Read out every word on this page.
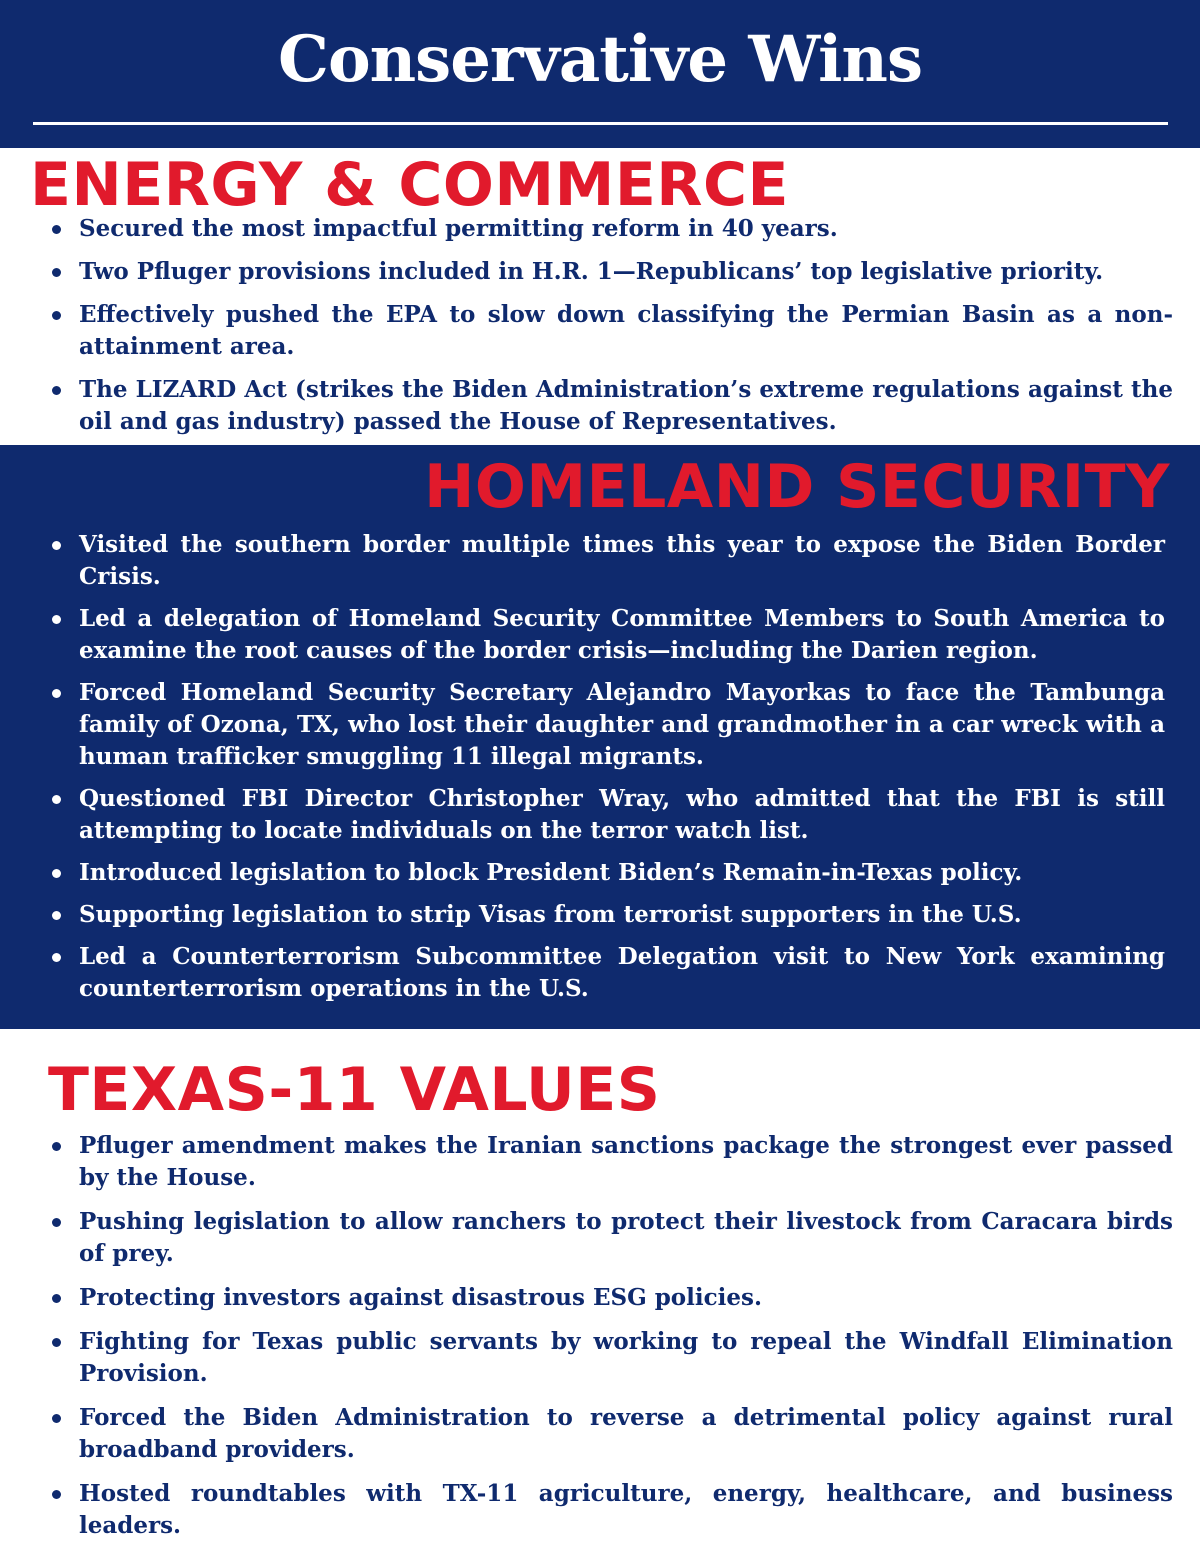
Conservative Wins
ENERGY & COMMERCE
Secured the most impactful permitting reform in 40 years.
Two Pfluger provisions included in H.R. 1—Republicans’ top legislative priority.
Effectively pushed the EPA to slow down classifying the Permian Basin as a non-attainment area.
The LIZARD Act (strikes the Biden Administration’s extreme regulations against the oil and gas industry) passed the House of Representatives.
HOMELAND SECURITY
Visited the southern border multiple times this year to expose the Biden Border Crisis.
Led a delegation of Homeland Security Committee Members to South America to examine the root causes of the border crisis—including the Darien region.
Forced Homeland Security Secretary Alejandro Mayorkas to face the Tambunga family of Ozona, TX, who lost their daughter and grandmother in a car wreck with a human trafficker smuggling 11 illegal migrants.
Questioned FBI Director Christopher Wray, who admitted that the FBI is still attempting to locate individuals on the terror watch list.
Introduced legislation to block President Biden’s Remain-in-Texas policy.
Supporting legislation to strip Visas from terrorist supporters in the U.S.
Led a Counterterrorism Subcommittee Delegation visit to New York examining counterterrorism operations in the U.S.
TEXAS-11 VALUES
Pfluger amendment makes the Iranian sanctions package the strongest ever passed by the House.
Pushing legislation to allow ranchers to protect their livestock from Caracara birds of prey.
Protecting investors against disastrous ESG policies.
Fighting for Texas public servants by working to repeal the Windfall Elimination Provision.
Forced the Biden Administration to reverse a detrimental policy against rural broadband providers.
Hosted roundtables with TX-11 agriculture, energy, healthcare, and business leaders.
